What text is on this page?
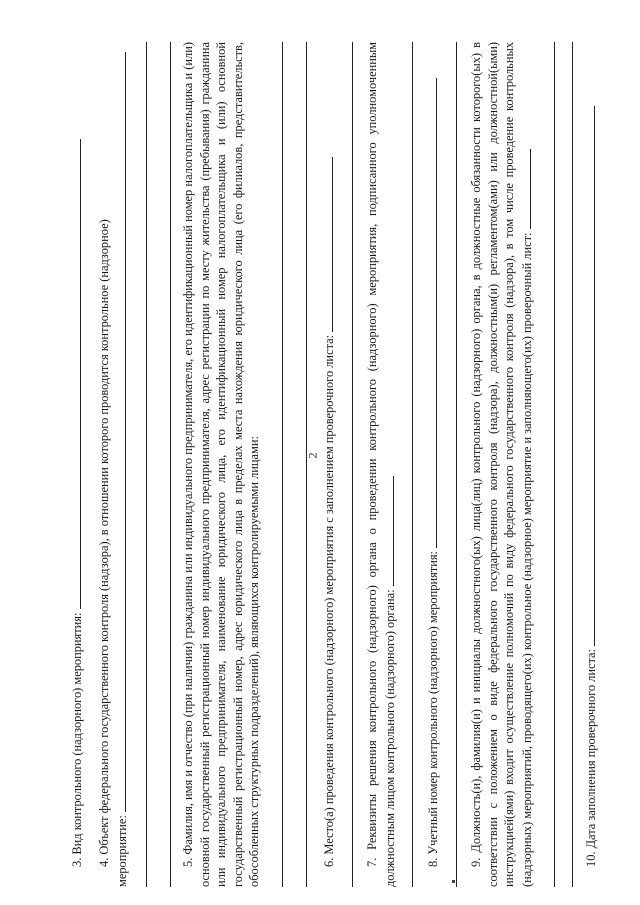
2
3. Вид контрольного (надзорного) мероприятия: 4. Объект федерального государственного контроля (надзора), в отношении которого проводится контрольное (надзорное) мероприятие:	5. Фамилия, имя и отчество (при наличии) гражданина или индивидуального предпринимателя, его идентификационный номер налогоплательщика и (или) основной государственный регистрационный номер индивидуального предпринимателя, адрес регистрации по месту жительства (пребывания) гражданина или индивидуального предпринимателя, наименование юридического лица, его идентификационный номер налогоплательщика и (или) основной государственный регистрационный номер, адрес юридического лица в пределах места нахождения юридического лица (его филиалов, представительств, обособленных структурных подразделений), являющихся контролируемыми лицами:	6. Место(а) проведения контрольного (надзорного) мероприятия с заполнением проверочного листа: 7. Реквизиты решения контрольного (надзорного) органа о проведении контрольного (надзорного) мероприятия, подписанного уполномоченным должностным лицом контрольного (надзорного) органа: 8. Учетный номер контрольного (надзорного) мероприятия: 9. Должность(и), фамилия(и) и инициалы должностного(ых) лица(лиц) контрольного (надзорного) органа, в должностные обязанности которого(ых) в соответствии с положением о виде федерального государственного контроля (надзора), должностным(и) регламентом(ами) или должностной(ыми) инструкцией(ями) входит осуществление полномочий по виду федерального государственного контроля (надзора), в том числе проведение контрольных (надзорных) мероприятий, проводящего(их) контрольное (надзорное) мероприятие и заполняющего(их) проверочный лист:	10. Дата заполнения проверочного листа:
